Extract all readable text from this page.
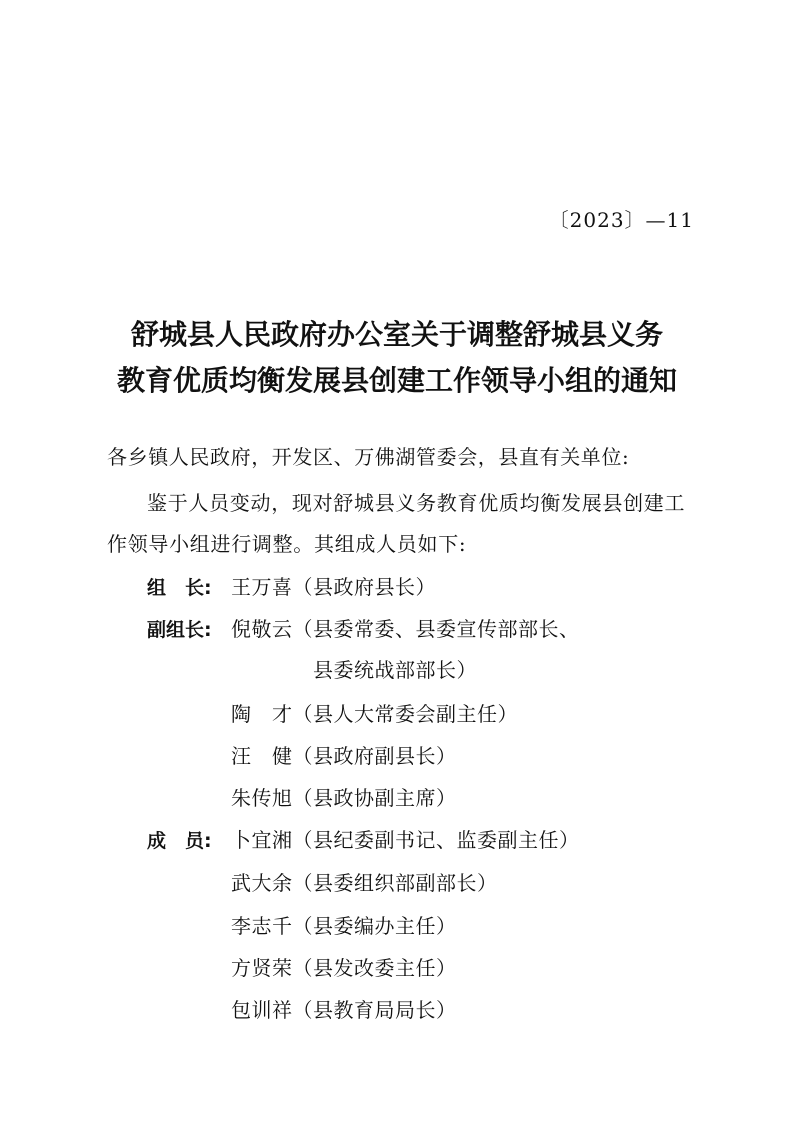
〔2023〕—11
舒城县人民政府办公室关于调整舒城县义务
教育优质均衡发展县创建工作领导小组的通知
各乡镇人民政府，开发区、万佛湖管委会，县直有关单位:
鉴于人员变动，现对舒城县义务教育优质均衡发展县创建工
作领导小组进行调整。其组成人员如下:
组　长: 王万喜（县政府县长）
副组长: 倪敬云（县委常委、县委宣传部部长、
县委统战部部长）
陶　才（县人大常委会副主任）
汪　健（县政府副县长）
朱传旭（县政协副主席）
成　员: 卜宜湘（县纪委副书记、监委副主任）
武大余（县委组织部副部长）
李志千（县委编办主任）
方贤荣（县发改委主任）
包训祥（县教育局局长）
